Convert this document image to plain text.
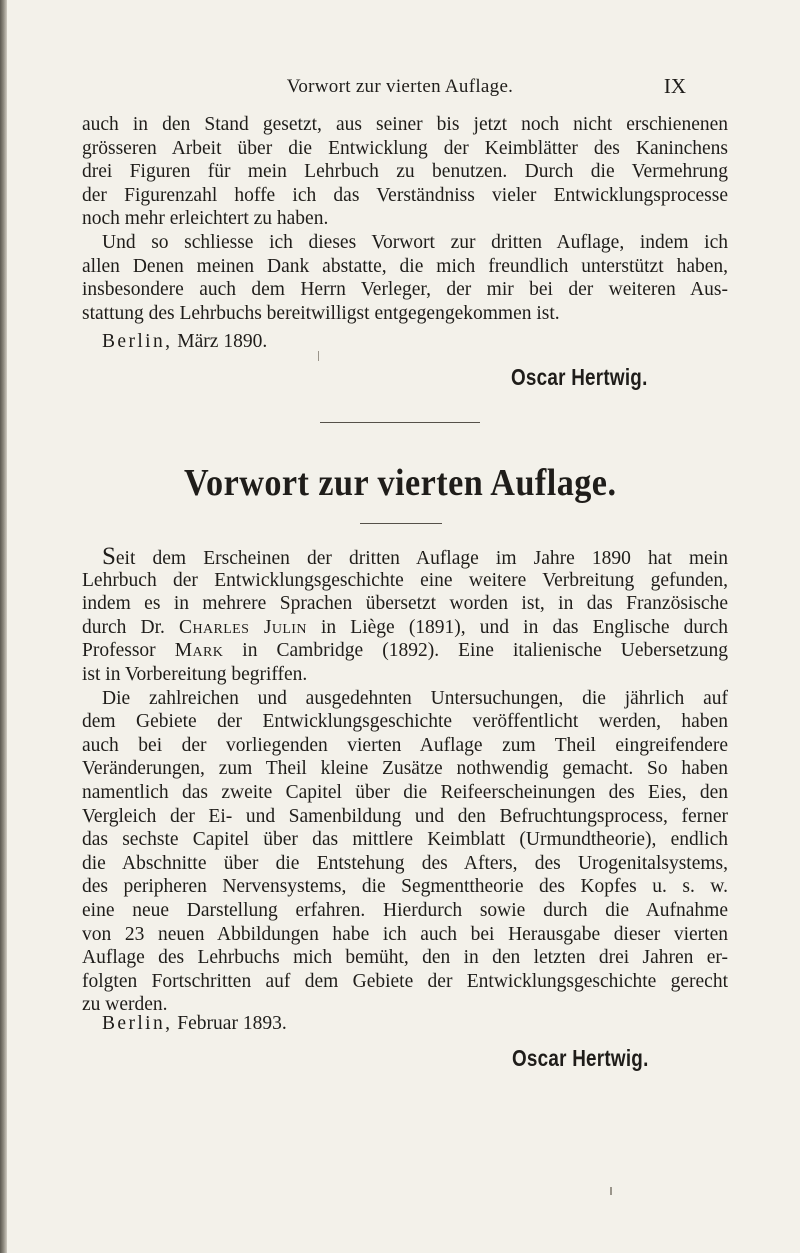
Vorwort zur vierten Auflage.	IX
auch in den Stand gesetzt, aus seiner bis jetzt noch nicht erschienenen
grösseren Arbeit über die Entwicklung der Keimblätter des Kaninchens
drei Figuren für mein Lehrbuch zu benutzen. Durch die Vermehrung
der Figurenzahl hoffe ich das Verständniss vieler Entwicklungsprocesse
noch mehr erleichtert zu haben.
Und so schliesse ich dieses Vorwort zur dritten Auflage, indem ich
allen Denen meinen Dank abstatte, die mich freundlich unterstützt haben,
insbesondere auch dem Herrn Verleger, der mir bei der weiteren Aus-
stattung des Lehrbuchs bereitwilligst entgegengekommen ist.
Berlin, März 1890.
Oscar Hertwig.
Vorwort zur vierten Auflage.
Seit dem Erscheinen der dritten Auflage im Jahre 1890 hat mein
Lehrbuch der Entwicklungsgeschichte eine weitere Verbreitung gefunden,
indem es in mehrere Sprachen übersetzt worden ist, in das Französische
durch Dr. Charles Julin in Liège (1891), und in das Englische durch
Professor Mark in Cambridge (1892). Eine italienische Uebersetzung
ist in Vorbereitung begriffen.
Die zahlreichen und ausgedehnten Untersuchungen, die jährlich auf
dem Gebiete der Entwicklungsgeschichte veröffentlicht werden, haben
auch bei der vorliegenden vierten Auflage zum Theil eingreifendere
Veränderungen, zum Theil kleine Zusätze nothwendig gemacht. So haben
namentlich das zweite Capitel über die Reifeerscheinungen des Eies, den
Vergleich der Ei- und Samenbildung und den Befruchtungsprocess, ferner
das sechste Capitel über das mittlere Keimblatt (Urmundtheorie), endlich
die Abschnitte über die Entstehung des Afters, des Urogenitalsystems,
des peripheren Nervensystems, die Segmenttheorie des Kopfes u. s. w.
eine neue Darstellung erfahren. Hierdurch sowie durch die Aufnahme
von 23 neuen Abbildungen habe ich auch bei Herausgabe dieser vierten
Auflage des Lehrbuchs mich bemüht, den in den letzten drei Jahren er-
folgten Fortschritten auf dem Gebiete der Entwicklungsgeschichte gerecht
zu werden.
Berlin, Februar 1893.
Oscar Hertwig.
